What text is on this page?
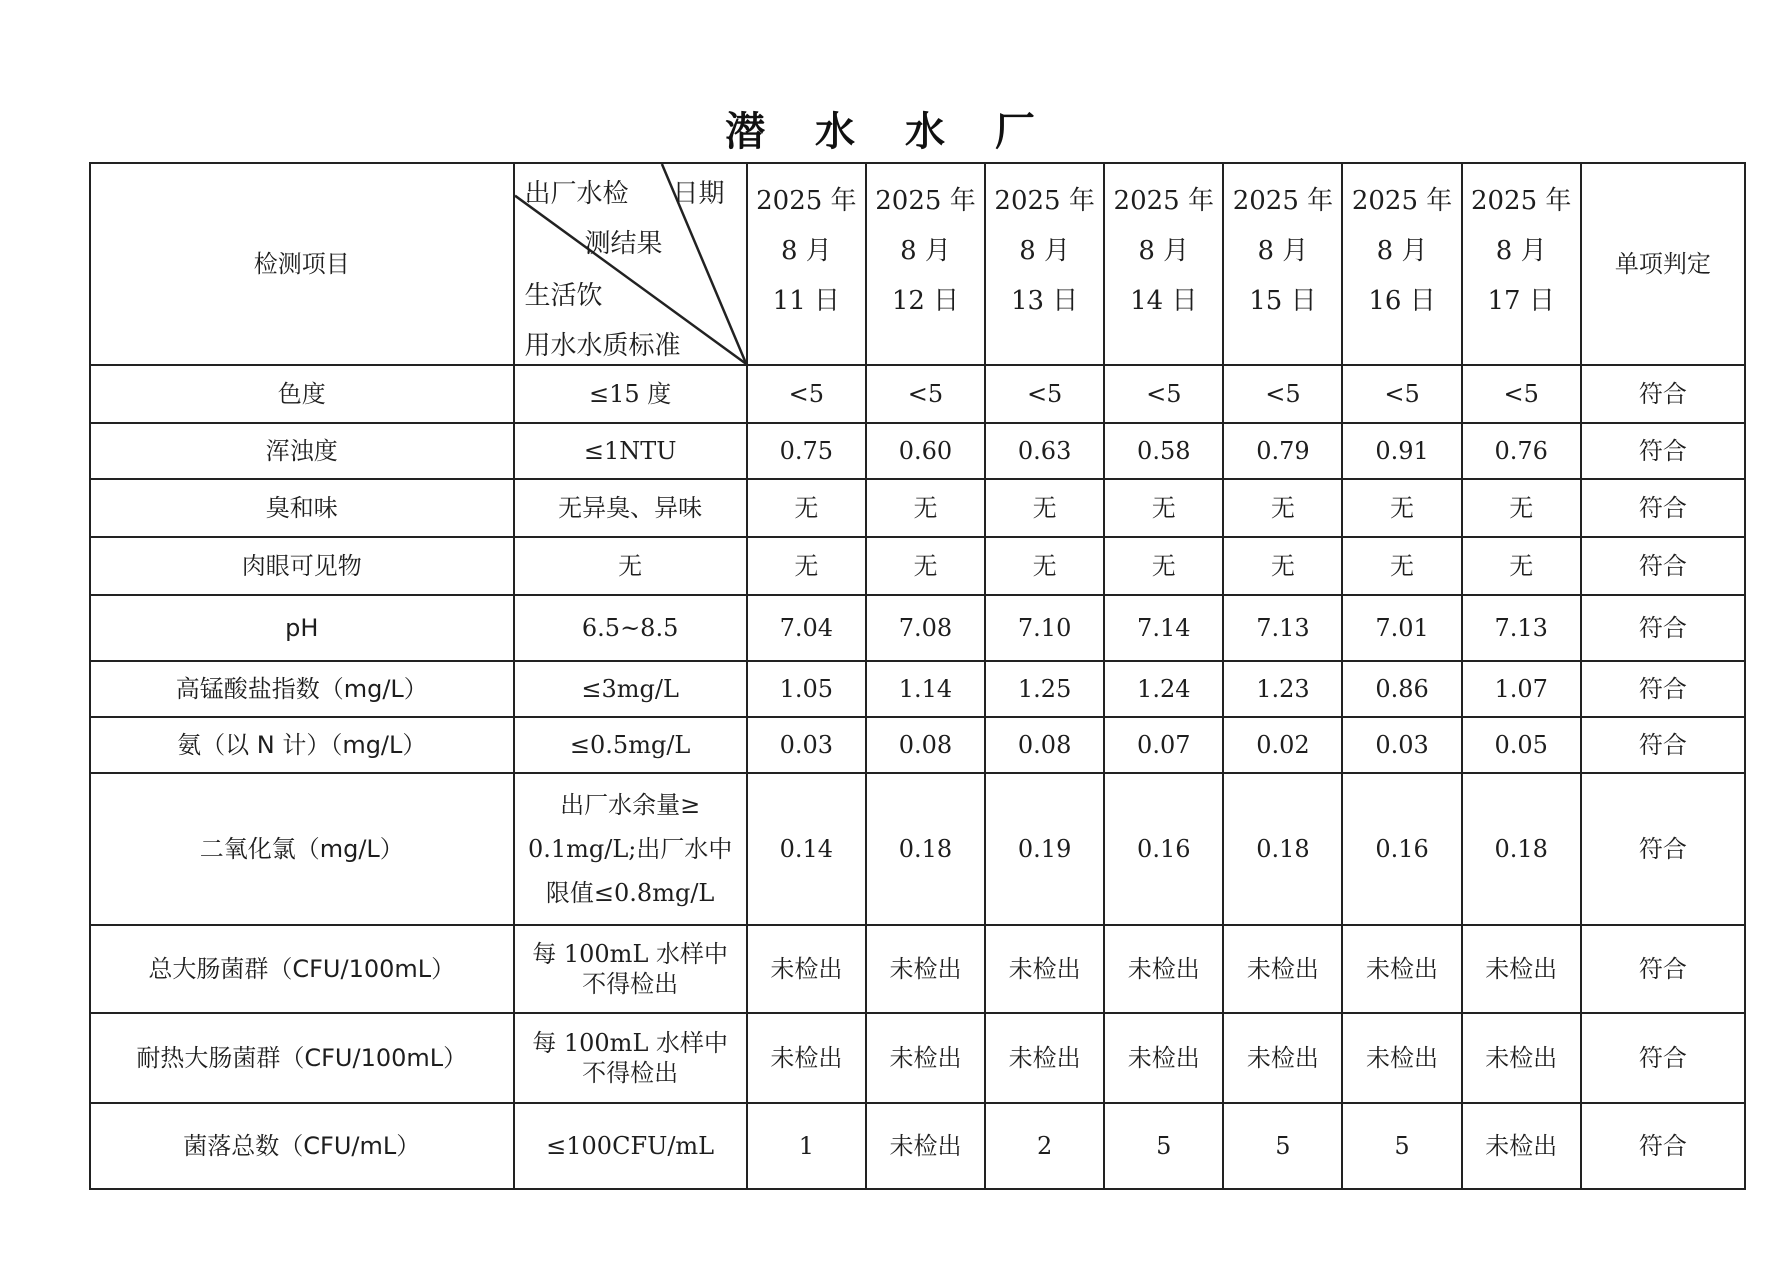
潜 水 水 厂
检测项目	出厂水检 日期
测结果
生活饮
用水水质标准	2025 年
8 月
11 日	2025 年
8 月
12 日	2025 年
8 月
13 日	2025 年
8 月
14 日	2025 年
8 月
15 日	2025 年
8 月
16 日	2025 年
8 月
17 日	单项判定
色度	≤15 度	<5	<5	<5	<5	<5	<5	<5	符合
浑浊度	≤1NTU	0.75	0.60	0.63	0.58	0.79	0.91	0.76	符合
臭和味	无异臭、异味	无	无	无	无	无	无	无	符合
肉眼可见物	无	无	无	无	无	无	无	无	符合
pH	6.5~8.5	7.04	7.08	7.10	7.14	7.13	7.01	7.13	符合
高锰酸盐指数（mg/L）	≤3mg/L	1.05	1.14	1.25	1.24	1.23	0.86	1.07	符合
氨（以 N 计）（mg/L）	≤0.5mg/L	0.03	0.08	0.08	0.07	0.02	0.03	0.05	符合
二氧化氯（mg/L）	出厂水余量≥
0.1mg/L;出厂水中
限值≤0.8mg/L	0.14	0.18	0.19	0.16	0.18	0.16	0.18	符合
总大肠菌群（CFU/100mL）	每 100mL 水样中
不得检出	未检出	未检出	未检出	未检出	未检出	未检出	未检出	符合
耐热大肠菌群（CFU/100mL）	每 100mL 水样中
不得检出	未检出	未检出	未检出	未检出	未检出	未检出	未检出	符合
菌落总数（CFU/mL）	≤100CFU/mL	1	未检出	2	5	5	5	未检出	符合
